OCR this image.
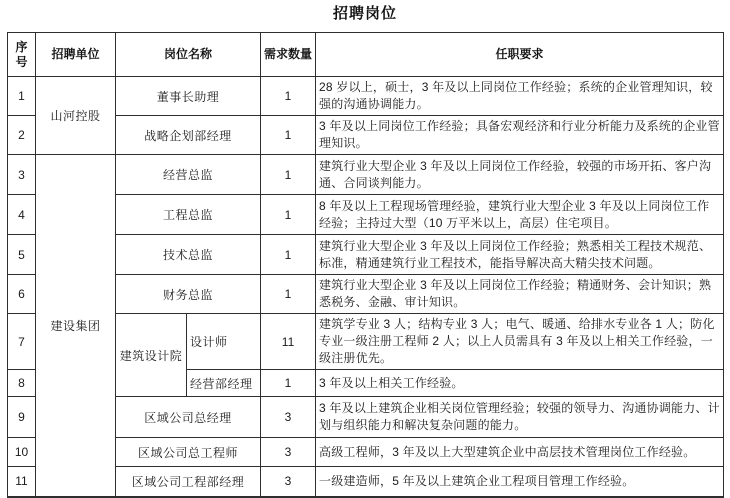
招聘岗位
序号	招聘单位	岗位名称		需求数量	任职要求
1	山河控股	董事长助理		1	28 岁以上，硕士，3 年及以上同岗位工作经验；系统的企业管理知识，较强的沟通协调能力。
2		战略企划部经理		1	3 年及以上同岗位工作经验；具备宏观经济和行业分析能力及系统的企业管理知识。
3	建设集团	经营总监		1	建筑行业大型企业 3 年及以上同岗位工作经验，较强的市场开拓、客户沟通、合同谈判能力。
4		工程总监		1	8 年及以上工程现场管理经验，建筑行业大型企业 3 年及以上同岗位工作经验；主持过大型（10 万平米以上，高层）住宅项目。
5		技术总监		1	建筑行业大型企业 3 年及以上同岗位工作经验；熟悉相关工程技术规范、标准，精通建筑行业工程技术，能指导解决高大精尖技术问题。
6		财务总监		1	建筑行业大型企业 3 年及以上同岗位工作经验；精通财务、会计知识；熟悉税务、金融、审计知识。
7		建筑设计院	设计师	11	建筑学专业 3 人；结构专业 3 人；电气、暖通、给排水专业各 1 人；防化专业一级注册工程师 2 人；以上人员需具有 3 年及以上相关工作经验，一级注册优先。
8			经营部经理	1	3 年及以上相关工作经验。
9		区域公司总经理		3	3 年及以上建筑企业相关岗位管理经验；较强的领导力、沟通协调能力、计划与组织能力和解决复杂问题的能力。
10		区域公司总工程师		3	高级工程师，3 年及以上大型建筑企业中高层技术管理岗位工作经验。
11		区域公司工程部经理		3	一级建造师，5 年及以上建筑企业工程项目管理工作经验。
